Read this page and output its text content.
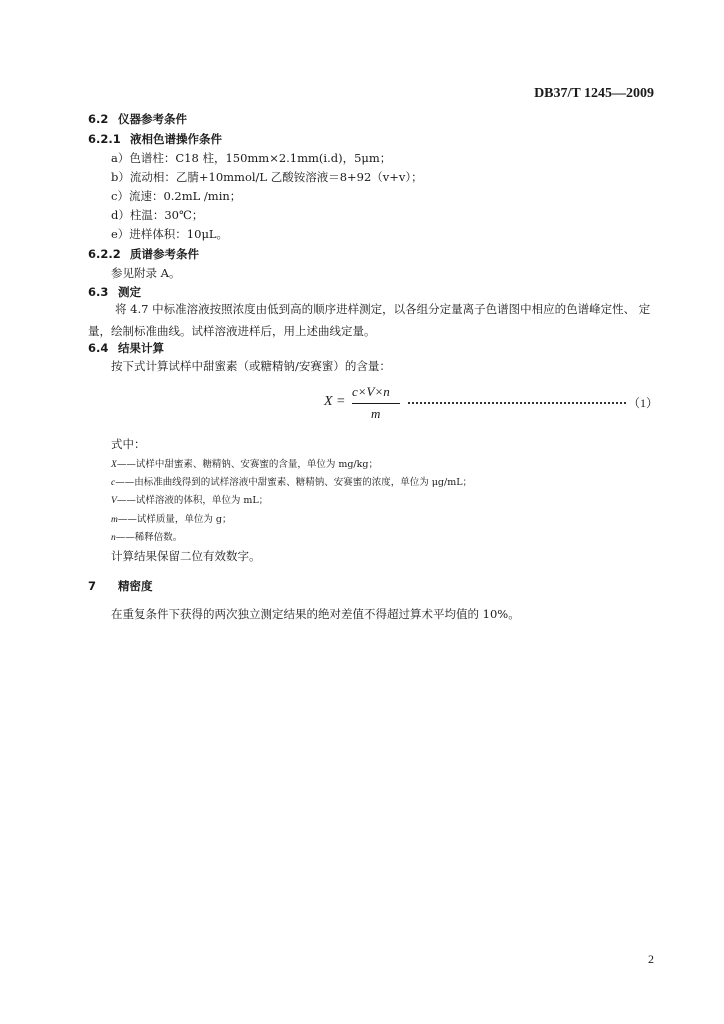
DB37/T 1245—2009
6.2 仪器参考条件
6.2.1 液相色谱操作条件
a）色谱柱：C18 柱，150mm×2.1mm(i.d)，5μm；
b）流动相：乙腈+10mmol/L 乙酸铵溶液＝8+92（v+v）；
c）流速：0.2mL /min；
d）柱温：30℃；
e）进样体积：10μL。
6.2.2 质谱参考条件
参见附录 A。
6.3 测定
将 4.7 中标准溶液按照浓度由低到高的顺序进样测定，以各组分定量离子色谱图中相应的色谱峰定性、 定量，绘制标准曲线。试样溶液进样后，用上述曲线定量。
6.4 结果计算
按下式计算试样中甜蜜素（或糖精钠/安赛蜜）的含量：
X =
c×V×n
m
（1）
式中：
X——试样中甜蜜素、糖精钠、安赛蜜的含量，单位为 mg/kg；
c——由标准曲线得到的试样溶液中甜蜜素、糖精钠、安赛蜜的浓度，单位为 μg/mL；
V——试样溶液的体积，单位为 mL；
m——试样质量，单位为 g；
n——稀释倍数。
计算结果保留二位有效数字。
7 精密度
在重复条件下获得的两次独立测定结果的绝对差值不得超过算术平均值的 10%。
2
